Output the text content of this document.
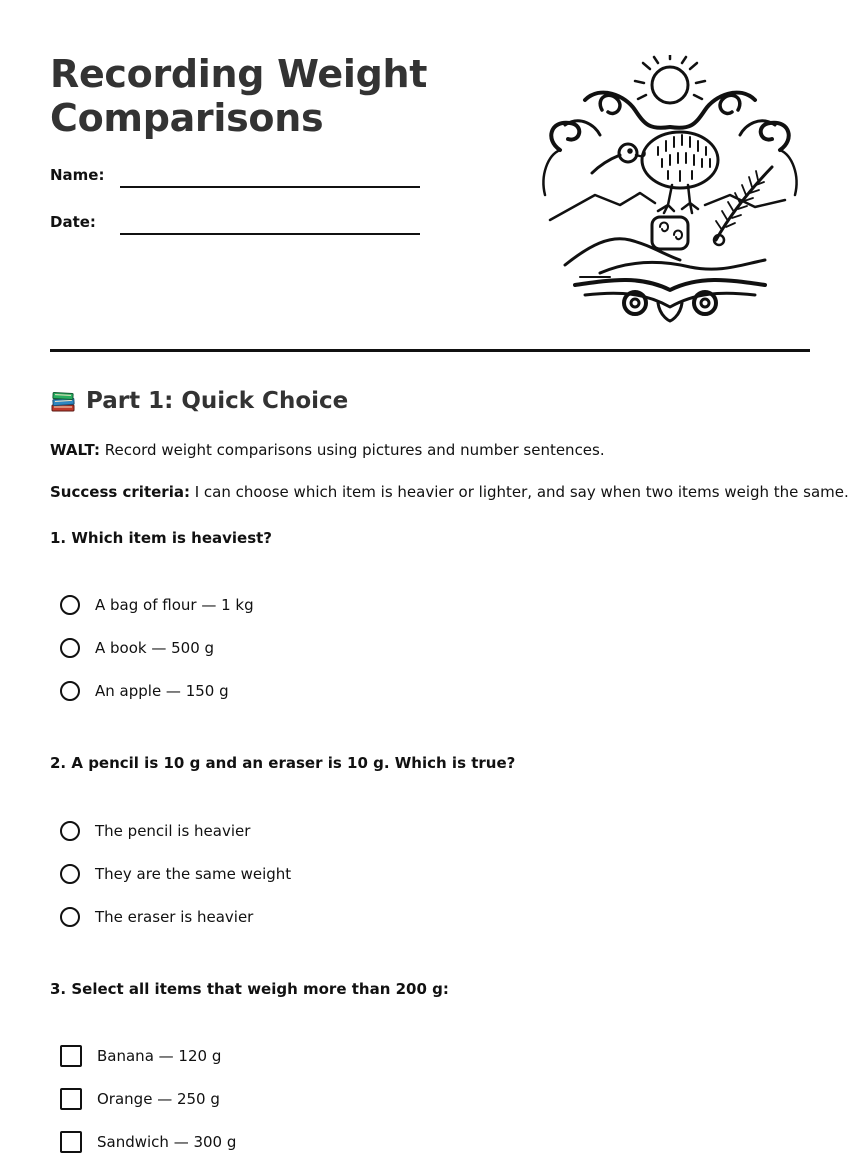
Recording Weight
Comparisons
Name:
Date:
Part 1: Quick Choice

WALT: Record weight comparisons using pictures and number sentences.

Success criteria: I can choose which item is heavier or lighter, and say when two items weigh the same.

1. Which item is heaviest?

A bag of flour — 1 kg
A book — 500 g
An apple — 150 g

2. A pencil is 10 g and an eraser is 10 g. Which is true?

The pencil is heavier
They are the same weight
The eraser is heavier

3. Select all items that weigh more than 200 g:

Banana — 120 g
Orange — 250 g
Sandwich — 300 g
